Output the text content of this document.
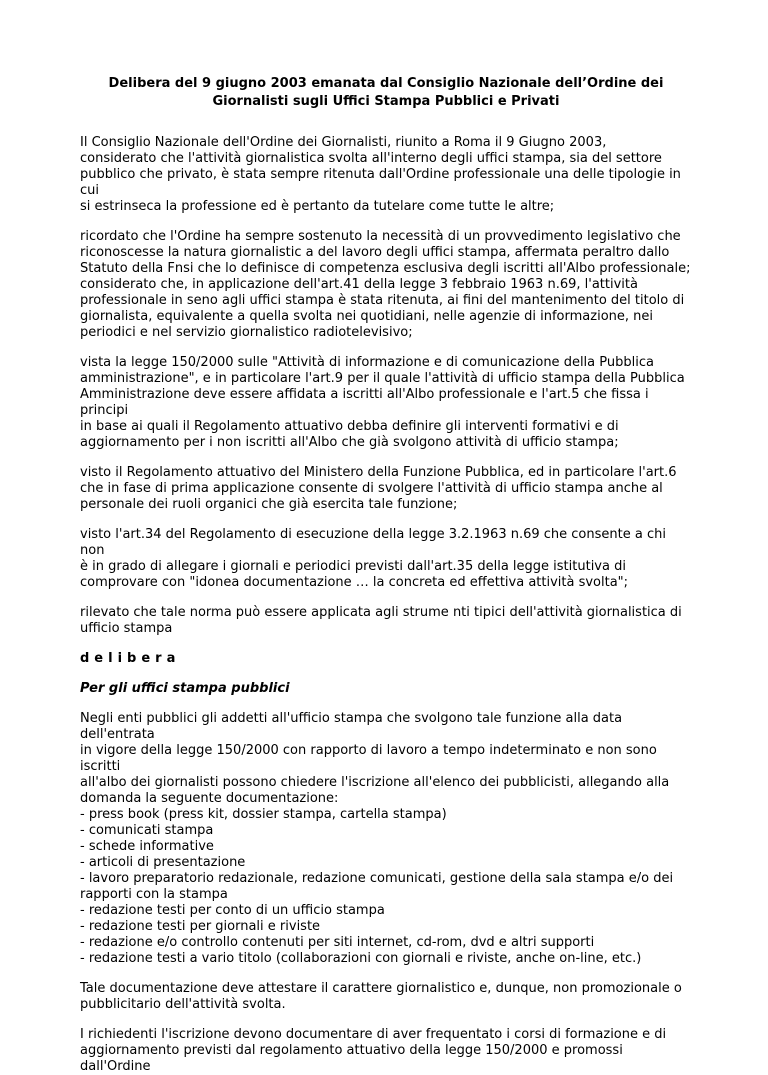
Delibera del 9 giugno 2003 emanata dal Consiglio Nazionale dell’Ordine dei
Giornalisti sugli Uffici Stampa Pubblici e Privati

Il Consiglio Nazionale dell'Ordine dei Giornalisti, riunito a Roma il 9 Giugno 2003,
considerato che l'attività giornalistica svolta all'interno degli uffici stampa, sia del settore
pubblico che privato, è stata sempre ritenuta dall'Ordine professionale una delle tipologie in cui
si estrinseca la professione ed è pertanto da tutelare come tutte le altre;

ricordato che l'Ordine ha sempre sostenuto la necessità di un provvedimento legislativo che
riconoscesse la natura giornalistic a del lavoro degli uffici stampa, affermata peraltro dallo
Statuto della Fnsi che lo definisce di competenza esclusiva degli iscritti all'Albo professionale;
considerato che, in applicazione dell'art.41 della legge 3 febbraio 1963 n.69, l'attività
professionale in seno agli uffici stampa è stata ritenuta, ai fini del mantenimento del titolo di
giornalista, equivalente a quella svolta nei quotidiani, nelle agenzie di informazione, nei
periodici e nel servizio giornalistico radiotelevisivo;

vista la legge 150/2000 sulle "Attività di informazione e di comunicazione della Pubblica
amministrazione", e in particolare l'art.9 per il quale l'attività di ufficio stampa della Pubblica
Amministrazione deve essere affidata a iscritti all'Albo professionale e l'art.5 che fissa i principi
in base ai quali il Regolamento attuativo debba definire gli interventi formativi e di
aggiornamento per i non iscritti all'Albo che già svolgono attività di ufficio stampa;

visto il Regolamento attuativo del Ministero della Funzione Pubblica, ed in particolare l'art.6
che in fase di prima applicazione consente di svolgere l'attività di ufficio stampa anche al
personale dei ruoli organici che già esercita tale funzione;

visto l'art.34 del Regolamento di esecuzione della legge 3.2.1963 n.69 che consente a chi non
è in grado di allegare i giornali e periodici previsti dall'art.35 della legge istitutiva di
comprovare con "idonea documentazione … la concreta ed effettiva attività svolta";

rilevato che tale norma può essere applicata agli strume nti tipici dell'attività giornalistica di
ufficio stampa

delibera
Per gli uffici stampa pubblici

Negli enti pubblici gli addetti all'ufficio stampa che svolgono tale funzione alla data dell'entrata
in vigore della legge 150/2000 con rapporto di lavoro a tempo indeterminato e non sono iscritti
all'albo dei giornalisti possono chiedere l'iscrizione all'elenco dei pubblicisti, allegando alla
domanda la seguente documentazione:

- press book (press kit, dossier stampa, cartella stampa)
- comunicati stampa
- schede informative
- articoli di presentazione
- lavoro preparatorio redazionale, redazione comunicati, gestione della sala stampa e/o dei
rapporti con la stampa
- redazione testi per conto di un ufficio stampa
- redazione testi per giornali e riviste
- redazione e/o controllo contenuti per siti internet, cd-rom, dvd e altri supporti
- redazione testi a vario titolo (collaborazioni con giornali e riviste, anche on-line, etc.)

Tale documentazione deve attestare il carattere giornalistico e, dunque, non promozionale o
pubblicitario dell'attività svolta.

I richiedenti l'iscrizione devono documentare di aver frequentato i corsi di formazione e di
aggiornamento previsti dal regolamento attuativo della legge 150/2000 e promossi dall'Ordine
